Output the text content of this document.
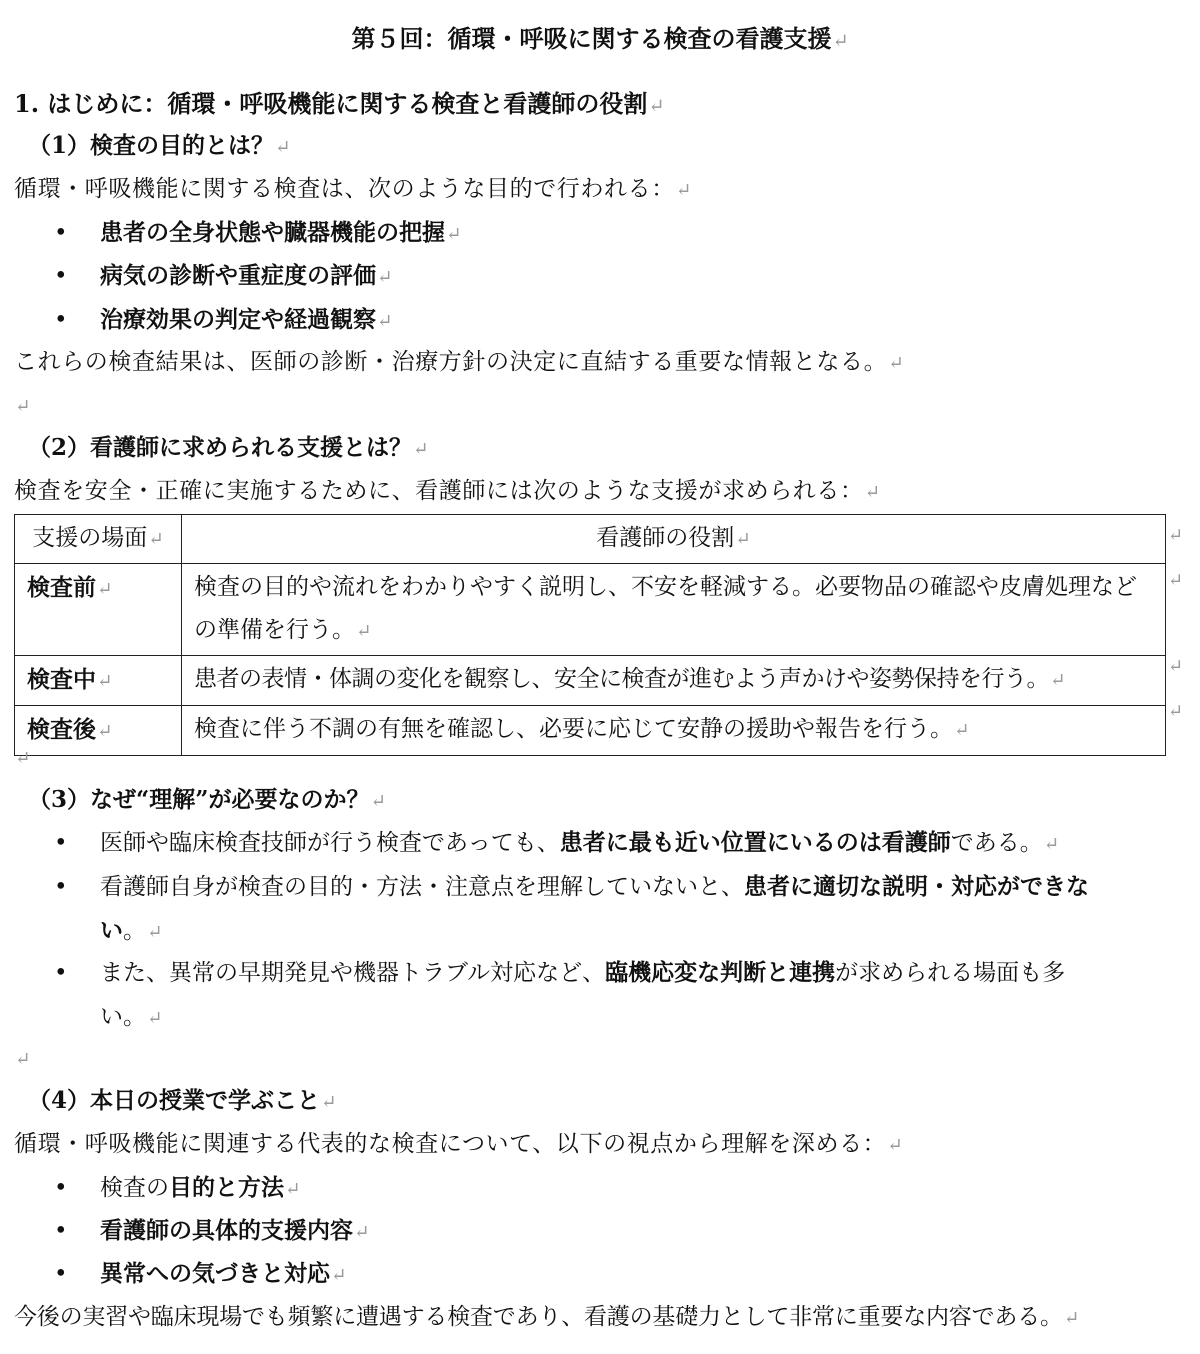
第５回：循環・呼吸に関する検査の看護支援↵
1. はじめに：循環・呼吸機能に関する検査と看護師の役割↵
（1）検査の目的とは？↵
循環・呼吸機能に関する検査は、次のような目的で行われる：↵
• 患者の全身状態や臓器機能の把握↵
• 病気の診断や重症度の評価↵
• 治療効果の判定や経過観察↵
これらの検査結果は、医師の診断・治療方針の決定に直結する重要な情報となる。↵
↵
（2）看護師に求められる支援とは？↵
検査を安全・正確に実施するために、看護師には次のような支援が求められる：↵
支援の場面↵	看護師の役割↵
検査前↵	検査の目的や流れをわかりやすく説明し、不安を軽減する。必要物品の確認や皮膚処理などの準備を行う。↵
検査中↵	患者の表情・体調の変化を観察し、安全に検査が進むよう声かけや姿勢保持を行う。↵
検査後↵	検査に伴う不調の有無を確認し、必要に応じて安静の援助や報告を行う。↵
↵
↵
↵
↵
↵
（3）なぜ“理解”が必要なのか？↵
• 医師や臨床検査技師が行う検査であっても、患者に最も近い位置にいるのは看護師である。↵
• 看護師自身が検査の目的・方法・注意点を理解していないと、患者に適切な説明・対応ができな
い。↵
• また、異常の早期発見や機器トラブル対応など、臨機応変な判断と連携が求められる場面も多
い。↵
↵
（4）本日の授業で学ぶこと↵
循環・呼吸機能に関連する代表的な検査について、以下の視点から理解を深める：↵
• 検査の目的と方法↵
• 看護師の具体的支援内容↵
• 異常への気づきと対応↵
今後の実習や臨床現場でも頻繁に遭遇する検査であり、看護の基礎力として非常に重要な内容である。↵
